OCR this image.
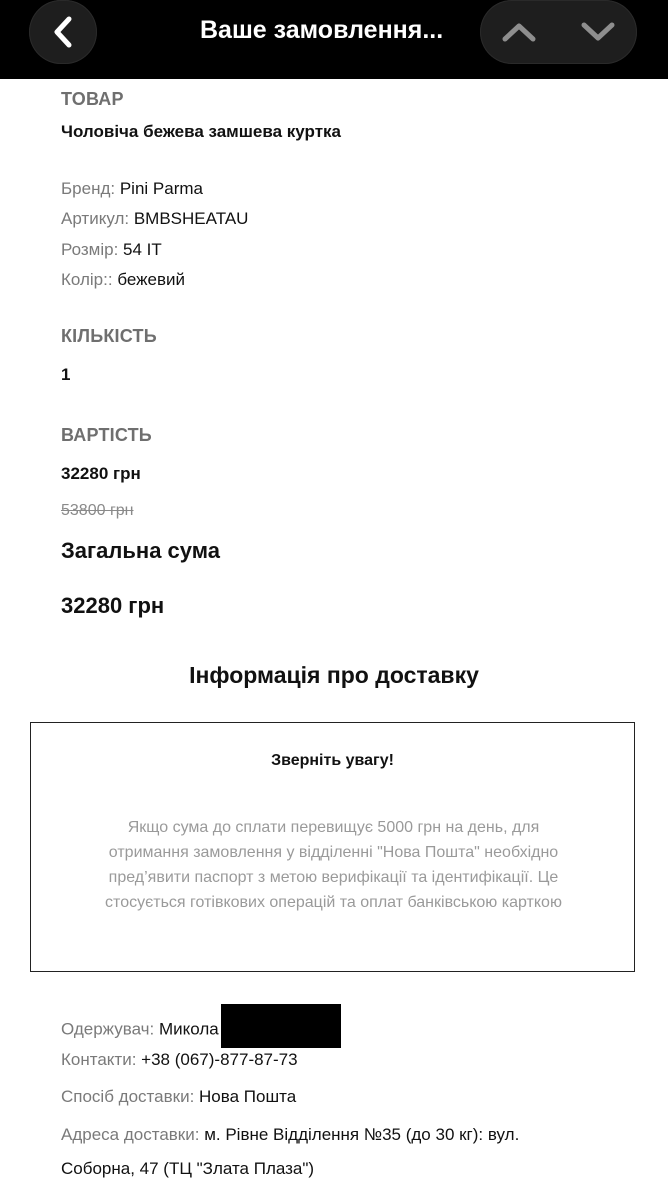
Ваше замовлення...
ТОВАР
Чоловіча бежева замшева куртка
Бренд: Pini Parma
Артикул: BMBSHEATAU
Розмір: 54 IT
Колір:: бежевий
КІЛЬКІСТЬ
1
ВАРТІСТЬ
32280 грн
53800 грн
Загальна сума
32280 грн
Інформація про доставку
Зверніть увагу!
Якщо сума до сплати перевищує 5000 грн на день, для отримання замовлення у відділенні "Нова Пошта" необхідно пред’явити паспорт з метою верифікації та ідентифікації. Це стосується готівкових операцій та оплат банківською карткою
Одержувач: Микола
Контакти: +38 (067)-877-87-73
Спосіб доставки: Нова Пошта
Адреса доставки: м. Рівне Відділення №35 (до 30 кг): вул.
Соборна, 47 (ТЦ "Злата Плаза")
